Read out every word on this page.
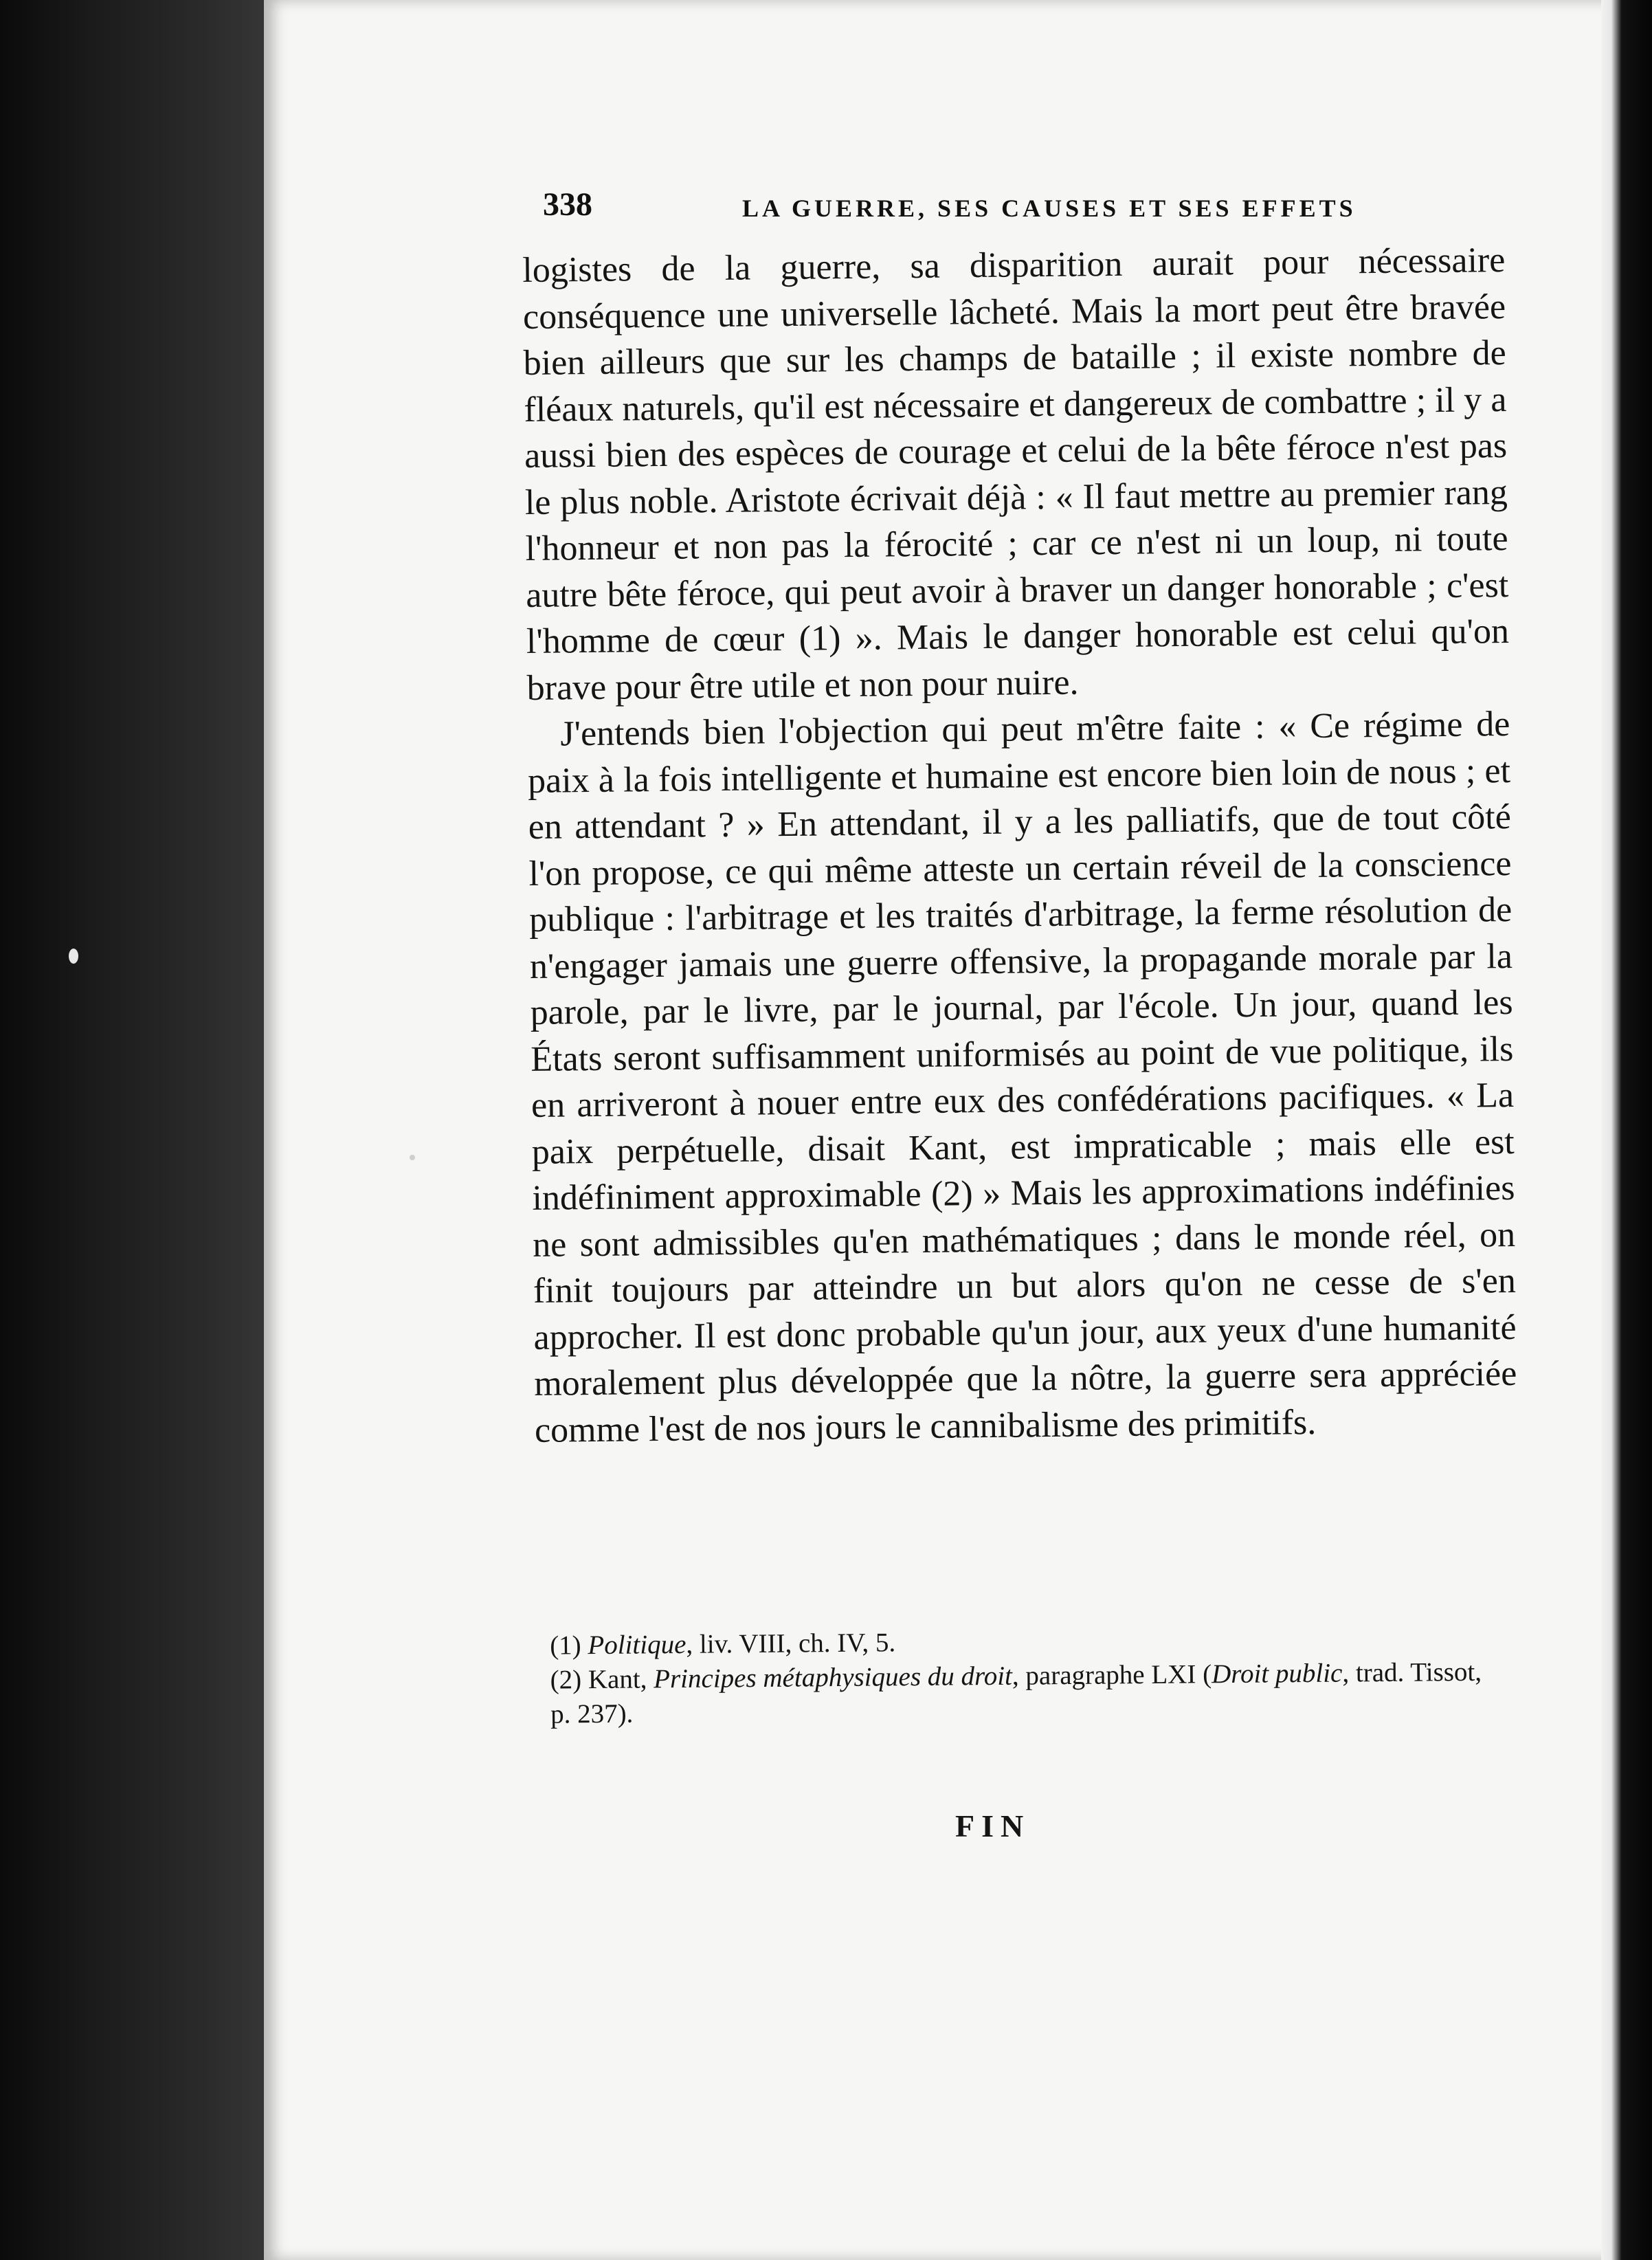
338	LA GUERRE, SES CAUSES ET SES EFFETS

logistes de la guerre, sa disparition aurait pour nécessaire conséquence une universelle lâcheté. Mais la mort peut être bravée bien ailleurs que sur les champs de bataille ; il existe nombre de fléaux naturels, qu'il est nécessaire et dangereux de combattre ; il y a aussi bien des espèces de courage et celui de la bête féroce n'est pas le plus noble. Aristote écrivait déjà : « Il faut mettre au premier rang l'honneur et non pas la férocité ; car ce n'est ni un loup, ni toute autre bête féroce, qui peut avoir à braver un danger honorable ; c'est l'homme de cœur (1) ». Mais le danger honorable est celui qu'on brave pour être utile et non pour nuire.

J'entends bien l'objection qui peut m'être faite : « Ce régime de paix à la fois intelligente et humaine est encore bien loin de nous ; et en attendant ? » En attendant, il y a les palliatifs, que de tout côté l'on propose, ce qui même atteste un certain réveil de la conscience publique : l'arbitrage et les traités d'arbitrage, la ferme résolution de n'engager jamais une guerre offensive, la propagande morale par la parole, par le livre, par le journal, par l'école. Un jour, quand les États seront suffisamment uniformisés au point de vue politique, ils en arriveront à nouer entre eux des confédérations pacifiques. « La paix perpétuelle, disait Kant, est impraticable ; mais elle est indéfiniment approximable (2) » Mais les approximations indéfinies ne sont admissibles qu'en mathématiques ; dans le monde réel, on finit toujours par atteindre un but alors qu'on ne cesse de s'en approcher. Il est donc probable qu'un jour, aux yeux d'une humanité moralement plus développée que la nôtre, la guerre sera appréciée comme l'est de nos jours le cannibalisme des primitifs.

(1) Politique, liv. VIII, ch. IV, 5.

(2) Kant, Principes métaphysiques du droit, paragraphe LXI (Droit public, trad. Tissot, p. 237).

FIN
